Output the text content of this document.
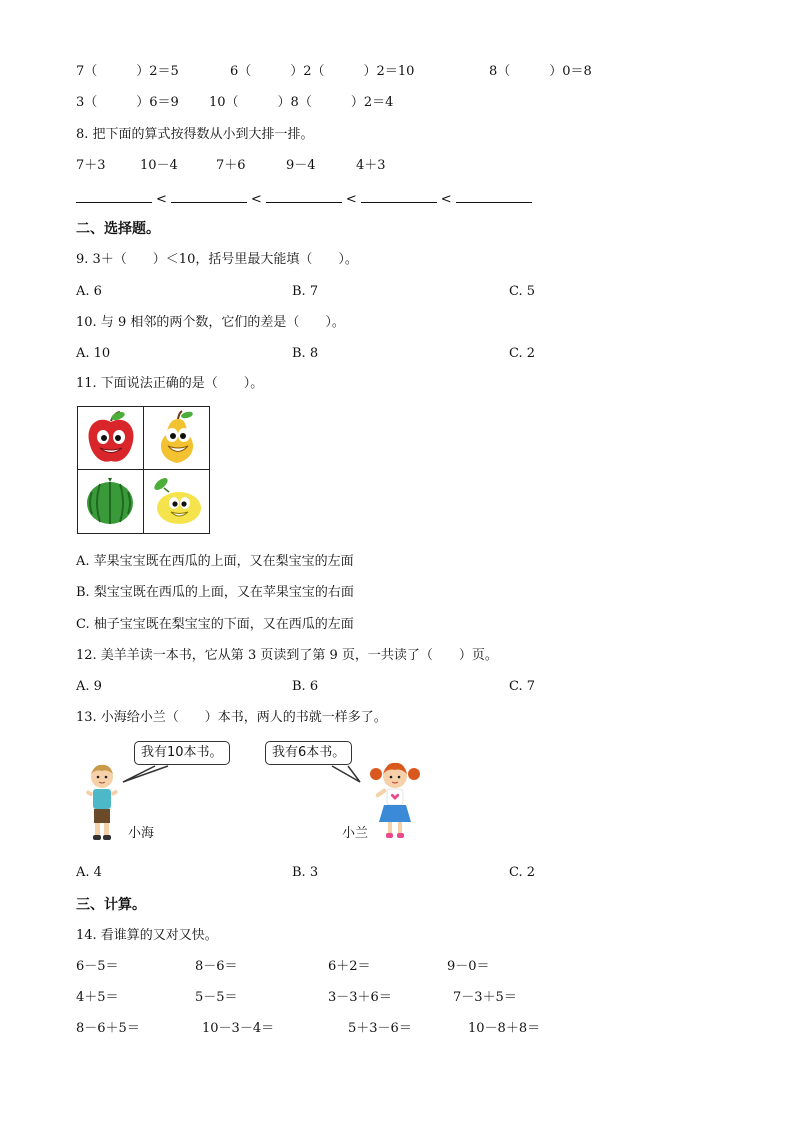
7（　　　）2＝5	6（　　　）2（　　　）2＝10	8（　　　）0＝8
3（　　　）6＝9 10（　　　）8（　　　）2＝4
8. 把下面的算式按得数从小到大排一排。
7＋3	10－4	7＋6	9－4	4＋3
<	<	<	<
二、选择题。
9. 3＋（　　）＜10，括号里最大能填（　　）。
A. 6	B. 7	C. 5
10. 与 9 相邻的两个数，它们的差是（　　）。
A. 10	B. 8	C. 2
11. 下面说法正确的是（　　）。
A. 苹果宝宝既在西瓜的上面，又在梨宝宝的左面
B. 梨宝宝既在西瓜的上面，又在苹果宝宝的右面
C. 柚子宝宝既在梨宝宝的下面，又在西瓜的左面
12. 美羊羊读一本书，它从第 3 页读到了第 9 页，一共读了（　　）页。
A. 9	B. 6	C. 7
13. 小海给小兰（　　）本书，两人的书就一样多了。
我有10本书。	我有6本书。
小海	小兰
A. 4	B. 3	C. 2
三、计算。
14. 看谁算的又对又快。
6－5＝	8－6＝	6＋2＝	9－0＝
4＋5＝	5－5＝	3－3＋6＝	7－3＋5＝
8－6＋5＝	10－3－4＝	5＋3－6＝	10－8＋8＝
